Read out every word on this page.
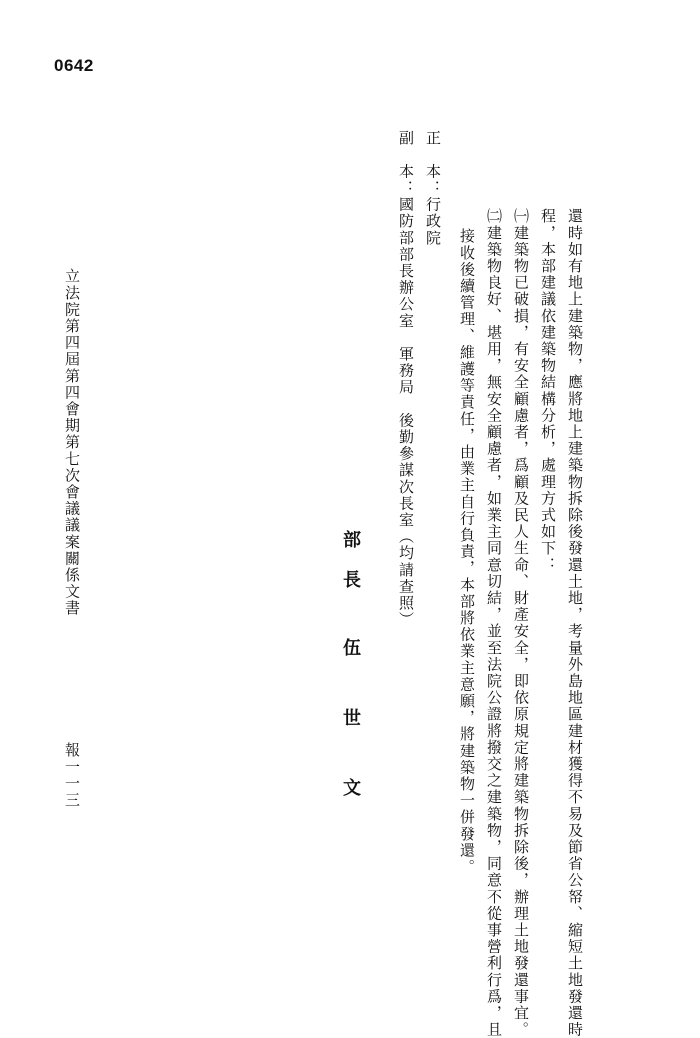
0642
還時如有地上建築物，應將地上建築物拆除後發還土地，考量外島地區建材獲得不易及節省公帑、縮短土地發還時
程，本部建議依建築物結構分析，處理方式如下：
㈠建築物已破損，有安全顧慮者，爲顧及民人生命、財產安全，即依原規定將建築物拆除後，辦理土地發還事宜。
㈡建築物良好、堪用，無安全顧慮者，如業主同意切結，並至法院公證將撥交之建築物，同意不從事營利行爲，且
接收後續管理、維護等責任，由業主自行負責，本部將依業主意願，將建築物一併發還。
部長
伍世文
正　本：行政院
副　本：國防部部長辦公室　軍務局　後勤參謀次長室（均請查照）
立法院第四屆第四會期第七次會議議案關係文書
報一一三
